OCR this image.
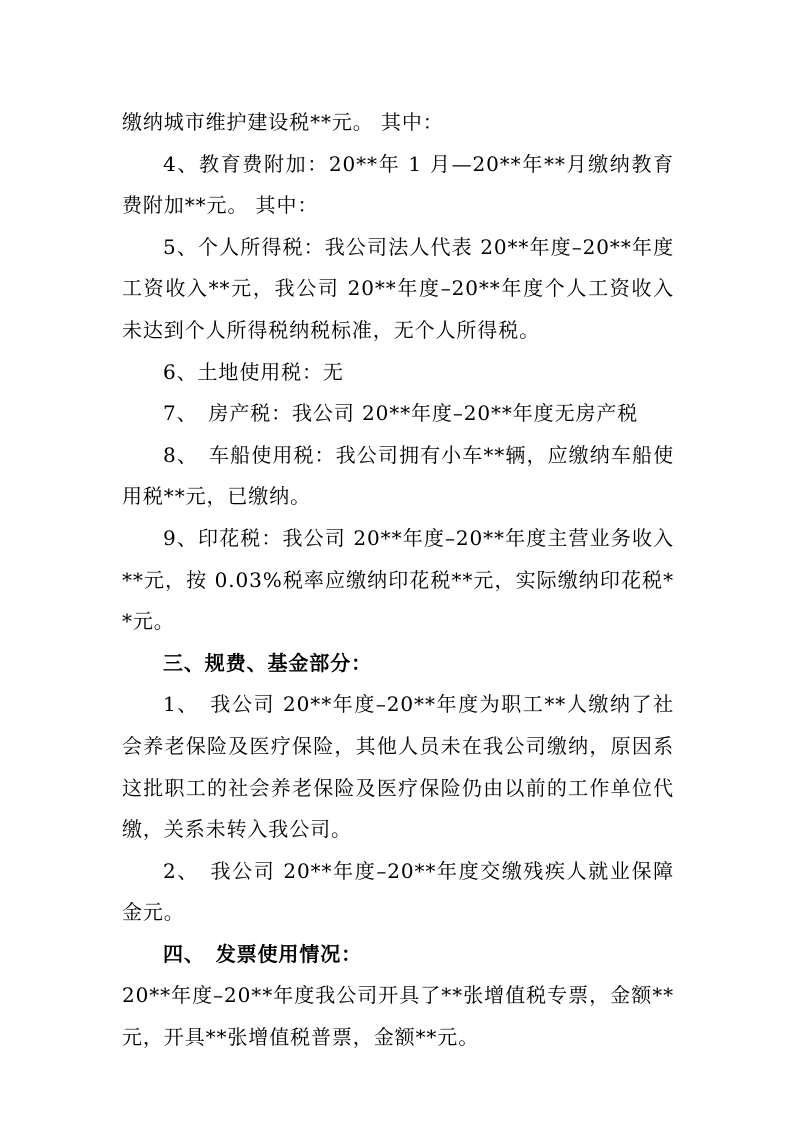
缴纳城市维护建设税**元。 其中：

4、教育费附加：20**年 1 月—20**年**月缴纳教育费附加**元。 其中：

5、个人所得税：我公司法人代表 20**年度–20**年度工资收入**元，我公司 20**年度–20**年度个人工资收入未达到个人所得税纳税标准，无个人所得税。

6、土地使用税：无

7、　房产税：我公司 20**年度–20**年度无房产税

8、　车船使用税：我公司拥有小车**辆，应缴纳车船使用税**元，已缴纳。

9、印花税：我公司 20**年度–20**年度主营业务收入**元，按 0.03%税率应缴纳印花税**元，实际缴纳印花税**元。

三、规费、基金部分：

1、　我公司 20**年度–20**年度为职工**人缴纳了社会养老保险及医疗保险，其他人员未在我公司缴纳，原因系这批职工的社会养老保险及医疗保险仍由以前的工作单位代缴，关系未转入我公司。

2、　我公司 20**年度–20**年度交缴残疾人就业保障金元。

四、　发票使用情况：

20**年度–20**年度我公司开具了**张增值税专票，金额**元，开具**张增值税普票，金额**元。
